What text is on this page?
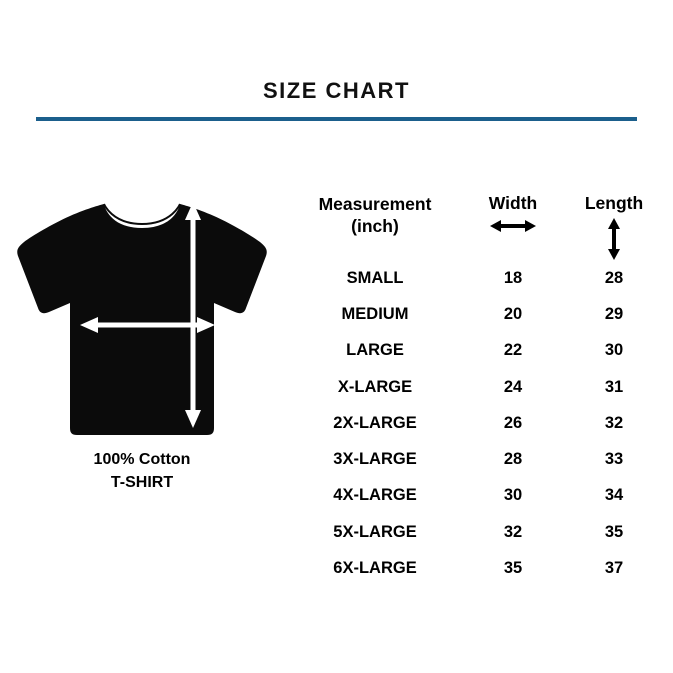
SIZE CHART
100% Cotton
T-SHIRT
Measurement
(inch)	Width	Length

SMALL	18	28
MEDIUM	20	29
LARGE	22	30
X-LARGE	24	31
2X-LARGE	26	32
3X-LARGE	28	33
4X-LARGE	30	34
5X-LARGE	32	35
6X-LARGE	35	37
